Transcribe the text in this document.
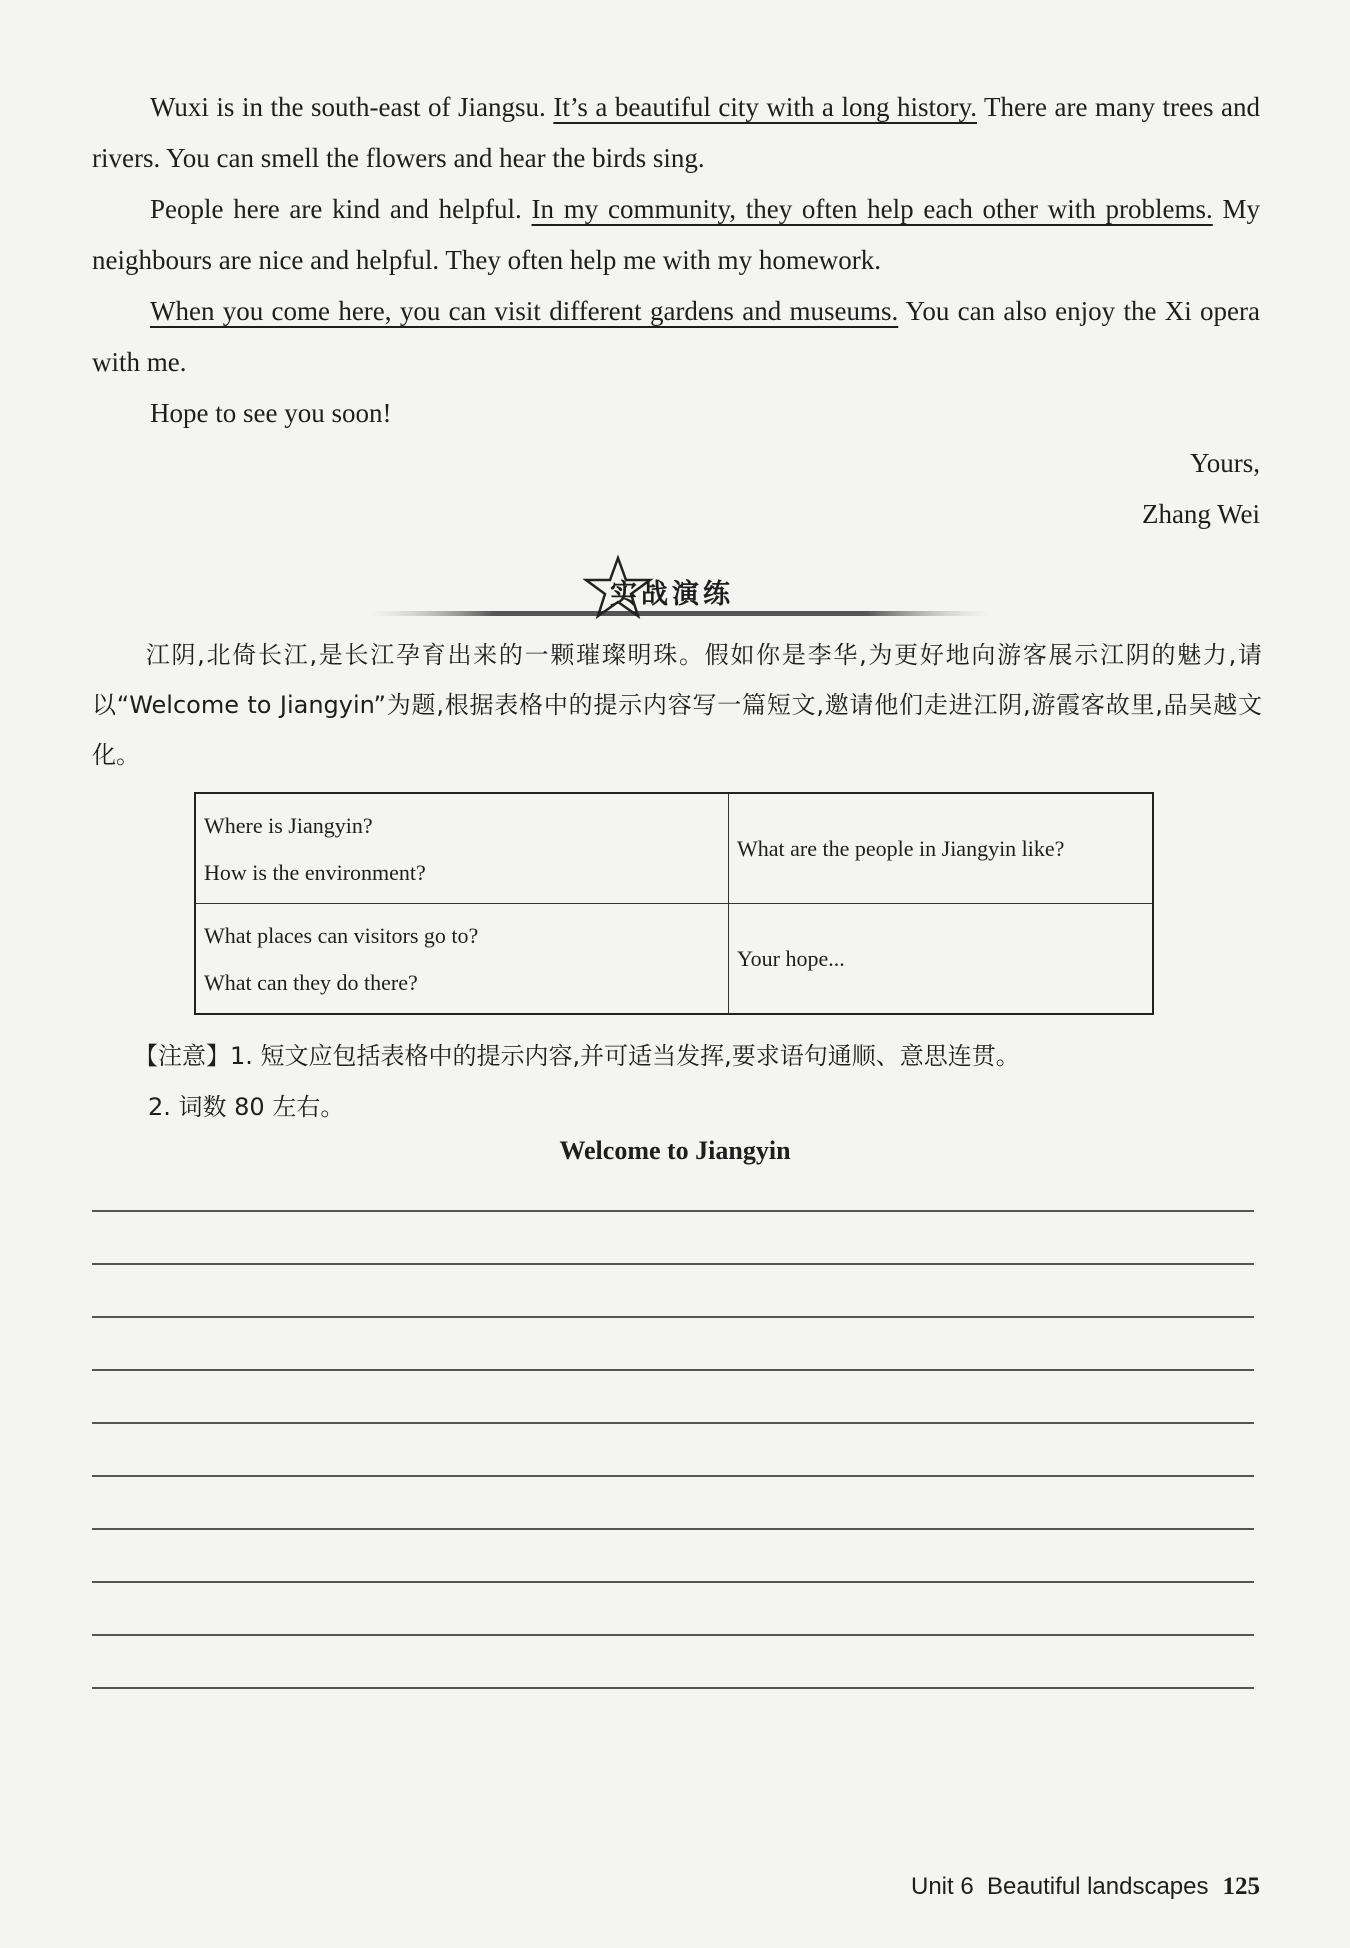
Wuxi is in the south-east of Jiangsu. It’s a beautiful city with a long history. There are many trees and rivers. You can smell the flowers and hear the birds sing.

People here are kind and helpful. In my community, they often help each other with problems. My neighbours are nice and helpful. They often help me with my homework.

When you come here, you can visit different gardens and museums. You can also enjoy the Xi opera with me.

Hope to see you soon!

Yours,
Zhang Wei
实战演练

江阴,北倚长江,是长江孕育出来的一颗璀璨明珠。假如你是李华,为更好地向游客展示江阴的魅力,请以“Welcome to Jiangyin”为题,根据表格中的提示内容写一篇短文,邀请他们走进江阴,游霞客故里,品吴越文化。

Where is Jiangyin?
How is the environment?	What are the people in Jiangyin like?

What places can visitors go to?
What can they do there?	Your hope...
【注意】1. 短文应包括表格中的提示内容,并可适当发挥,要求语句通顺、意思连贯。
2. 词数 80 左右。
Welcome to Jiangyin
Unit 6  Beautiful landscapes 125
